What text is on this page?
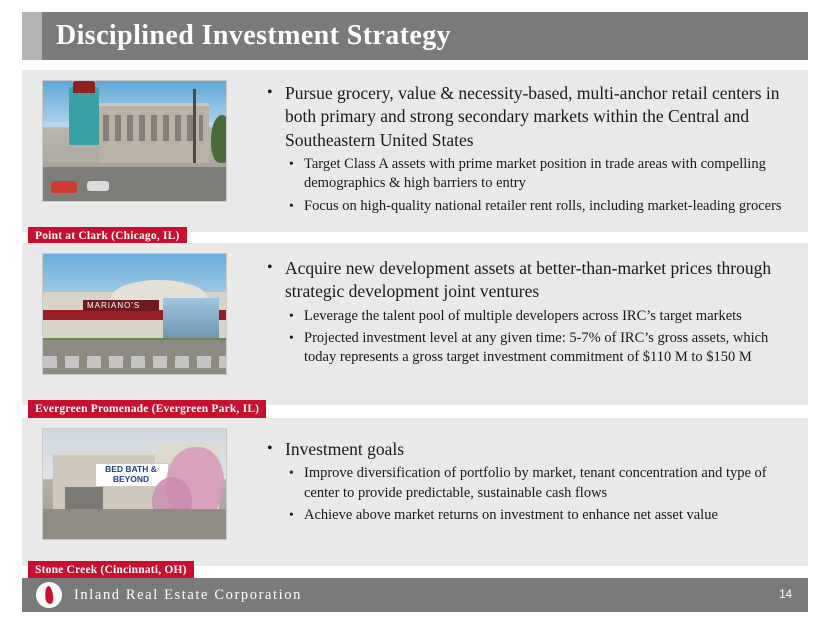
Disciplined Investment Strategy
Point at Clark (Chicago, IL)
• Pursue grocery, value & necessity-based, multi-anchor retail centers in both primary and strong secondary markets within the Central and Southeastern United States
• Target Class A assets with prime market position in trade areas with compelling demographics & high barriers to entry
• Focus on high-quality national retailer rent rolls, including market-leading grocers
MARIANO'S
Evergreen Promenade (Evergreen Park, IL)
• Acquire new development assets at better-than-market prices through strategic development joint ventures
• Leverage the talent pool of multiple developers across IRC’s target markets
• Projected investment level at any given time: 5-7% of IRC’s gross assets, which today represents a gross target investment commitment of $110 M to $150 M
BED BATH &
BEYOND
Stone Creek (Cincinnati, OH)
• Investment goals
• Improve diversification of portfolio by market, tenant concentration and type of center to provide predictable, sustainable cash flows
• Achieve above market returns on investment to enhance net asset value
Inland Real Estate Corporation	14
